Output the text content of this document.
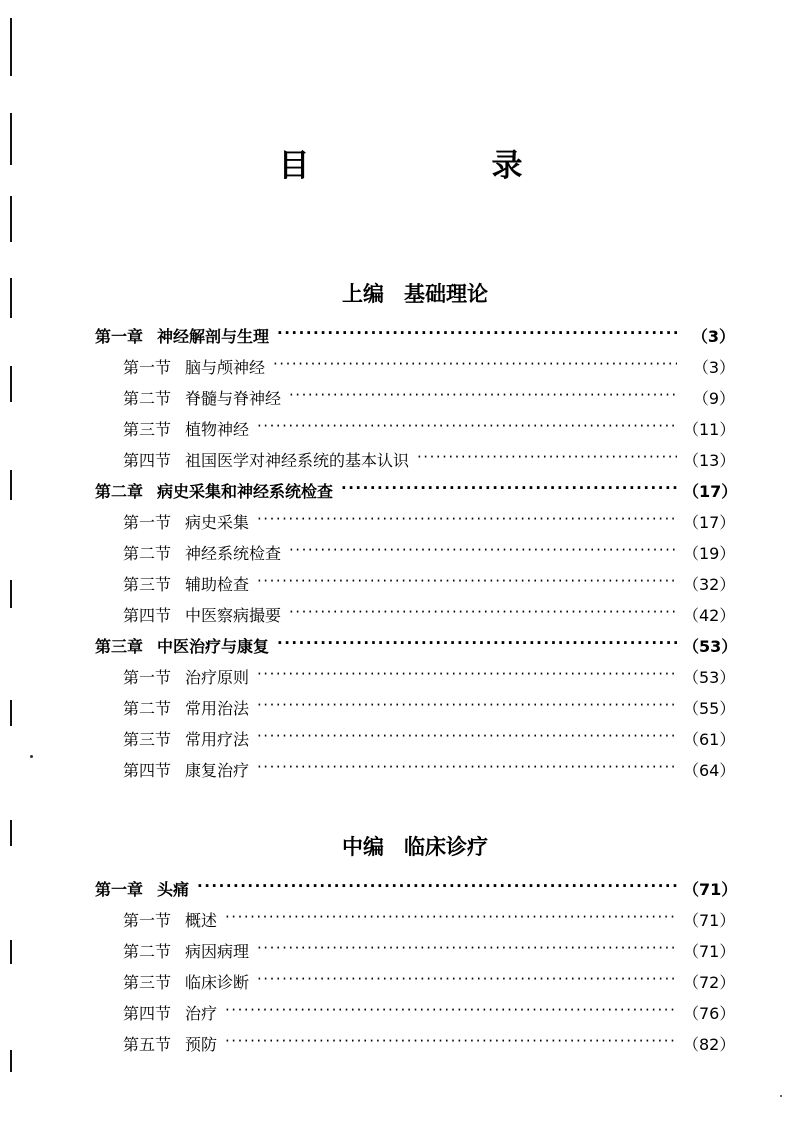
目　　录
上编 基础理论
第一章 神经解剖与生理 ·····	（3）
第一节 脑与颅神经 ·····	（3）
第二节 脊髓与脊神经 ·····	（9）
第三节 植物神经 ·····	（11）
第四节 祖国医学对神经系统的基本认识 ·····	（13）
第二章 病史采集和神经系统检查 ·····	（17）
第一节 病史采集 ·····	（17）
第二节 神经系统检查 ·····	（19）
第三节 辅助检查 ·····	（32）
第四节 中医察病撮要 ·····	（42）
第三章 中医治疗与康复 ·····	（53）
第一节 治疗原则 ·····	（53）
第二节 常用治法 ·····	（55）
第三节 常用疗法 ·····	（61）
第四节 康复治疗 ·····	（64）
中编 临床诊疗
第一章 头痛 ·····	（71）
第一节 概述 ·····	（71）
第二节 病因病理 ·····	（71）
第三节 临床诊断 ·····	（72）
第四节 治疗 ·····	（76）
第五节 预防 ·····	（82）
